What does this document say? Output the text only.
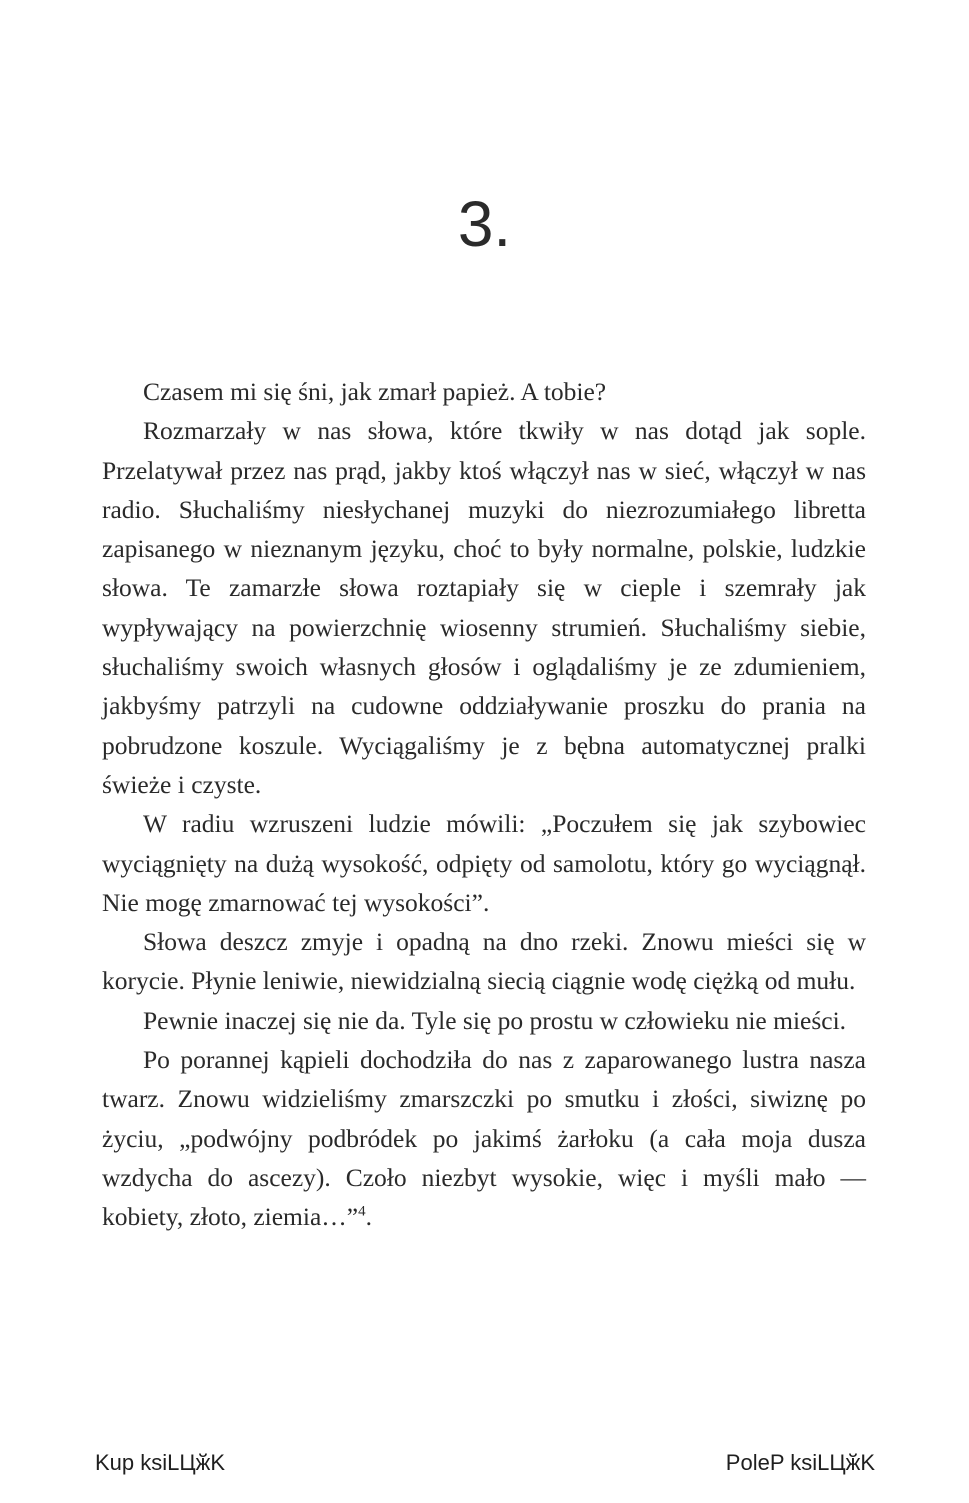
3.

Czasem mi się śni, jak zmarł papież. A tobie?

Rozmarzały w nas słowa, które tkwiły w nas dotąd jak sople. Przelatywał przez nas prąd, jakby ktoś włączył nas w sieć, włączył w nas radio. Słuchaliśmy niesłychanej muzyki do niezrozumiałego libretta zapisanego w nieznanym języku, choć to były normalne, polskie, ludzkie słowa. Te zamarzłe słowa roztapiały się w cieple i szemrały jak wypływający na powierzchnię wiosenny strumień. Słuchaliśmy siebie, słuchaliśmy swoich własnych głosów i oglądaliśmy je ze zdumieniem, jakbyśmy patrzyli na cudowne oddziaływanie proszku do prania na pobrudzone koszule. Wyciągaliśmy je z bębna automatycznej pralki świeże i czyste.

W radiu wzruszeni ludzie mówili: „Poczułem się jak szybowiec wyciągnięty na dużą wysokość, odpięty od samolotu, który go wyciągnął. Nie mogę zmarnować tej wysokości”.

Słowa deszcz zmyje i opadną na dno rzeki. Znowu mieści się w korycie. Płynie leniwie, niewidzialną siecią ciągnie wodę ciężką od mułu.

Pewnie inaczej się nie da. Tyle się po prostu w człowieku nie mieści.

Po porannej kąpieli dochodziła do nas z zaparowanego lustra nasza twarz. Znowu widzieliśmy zmarszczki po smutku i złości, siwiznę po życiu, „podwójny podbródek po jakimś żarłoku (a cała moja dusza wzdycha do ascezy). Czoło niezbyt wysokie, więc i myśli mało — kobiety, złoto, ziemia…”$^4$.

Kup ksiLЦӂK	PoleP ksiLЦӂK
